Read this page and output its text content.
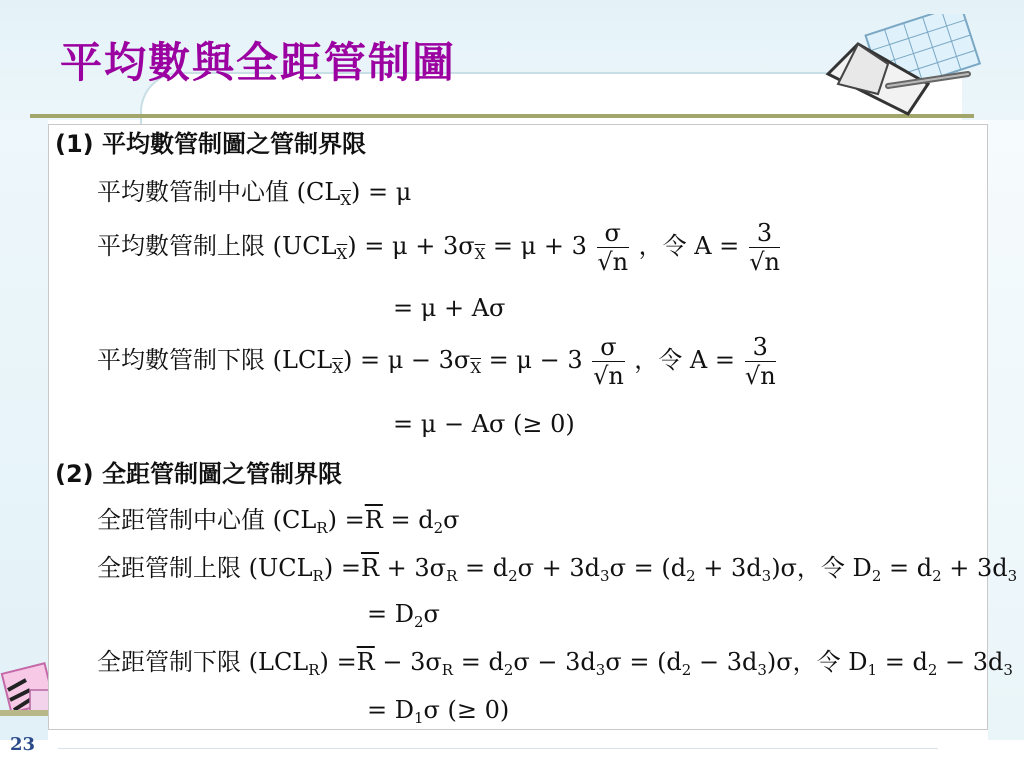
平均數與全距管制圖
(1) 平均數管制圖之管制界限
平均數管制中心值 $(CL_{\overline{X}}) = \mu$
平均數管制上限 $(UCL_{\overline{X}}) = \mu + 3\sigma_{\overline{X}} = \mu + 3 \frac{\sigma}{√n}$ ，令 $A = \frac{3}{√n}$
= μ + Aσ
平均數管制下限 $(LCL_{\overline{X}}) = \mu - 3\sigma_{\overline{X}} = \mu - 3 \frac{\sigma}{√n}$ ，令 $A = \frac{3}{√n}$
= μ − Aσ (≥ 0)
(2) 全距管制圖之管制界限
全距管制中心值 $(CL_R) =\overline{R} = d_2\sigma$
全距管制上限 $(UCL_R) =\overline{R} + 3\sigma_R = d_2\sigma + 3d_3\sigma = (d_2 + 3d_3)\sigma$，令 $D_2 = d_2 + 3d_3$
= $D_2\sigma$
全距管制下限 $(LCL_R) =\overline{R} - 3\sigma_R = d_2\sigma - 3d_3\sigma = (d_2 - 3d_3)\sigma$，令 $D_1 = d_2 - 3d_3$
= $D_1\sigma$ (≥ 0)
23
